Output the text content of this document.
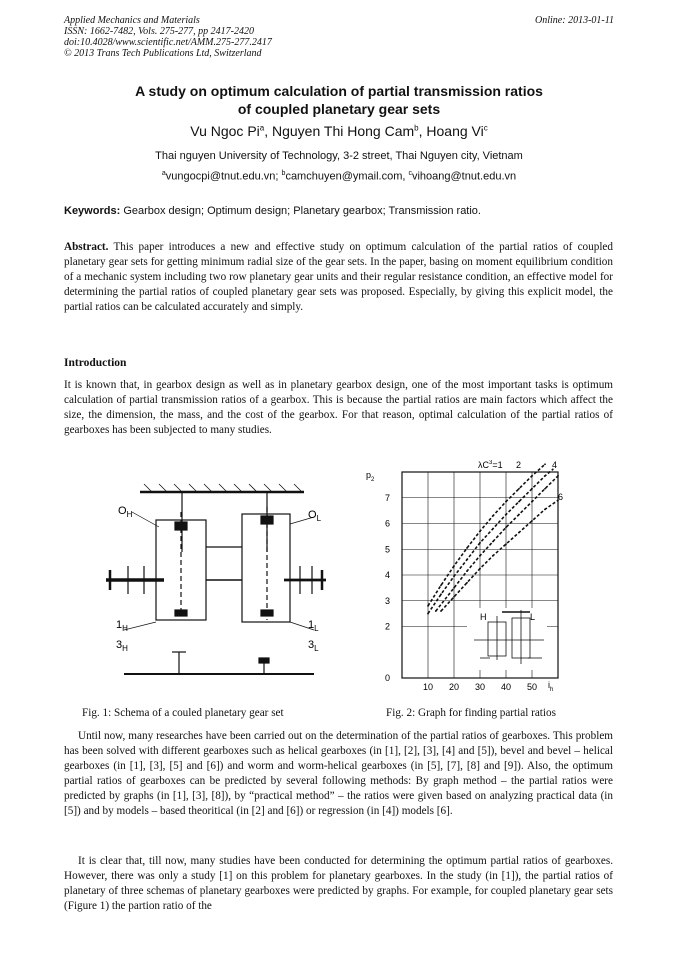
Applied Mechanics and Materials
ISSN: 1662-7482, Vols. 275-277, pp 2417-2420
doi:10.4028/www.scientific.net/AMM.275-277.2417
© 2013 Trans Tech Publications Ltd, Switzerland
Online: 2013-01-11
A study on optimum calculation of partial transmission ratios
of coupled planetary gear sets
Vu Ngoc Pi$^a$, Nguyen Thi Hong Cam$^b$, Hoang Vi$^c$
Thai nguyen University of Technology, 3-2 street, Thai Nguyen city, Vietnam
$^a$vungocpi@tnut.edu.vn; $^b$camchuyen@ymail.com, $^c$vihoang@tnut.edu.vn
Keywords: Gearbox design; Optimum design; Planetary gearbox; Transmission ratio.
Abstract. This paper introduces a new and effective study on optimum calculation of the partial ratios of coupled planetary gear sets for getting minimum radial size of the gear sets. In the paper, basing on moment equilibrium condition of a mechanic system including two row planetary gear units and their regular resistance condition, an effective model for determining the partial ratios of coupled planetary gear sets was proposed. Especially, by giving this explicit model, the partial ratios can be calculated accurately and simply.
Introduction
It is known that, in gearbox design as well as in planetary gearbox design, one of the most important tasks is optimum calculation of partial transmission ratios of a gearbox. This is because the partial ratios are main factors which affect the size, the dimension, the mass, and the cost of the gearbox. For that reason, optimal calculation of the partial ratios of gearboxes has been subjected to many studies.
$O_H$	$O_L$
$1_H$	$1_L$
$3_H$	$3_L$
10 20 30 40 50
0
2
3
4
5
6
7
2	4
6
$p_2$
$i_h$
$\lambda C^3=1$
H	L
Fig. 1: Schema of a couled planetary gear set	Fig. 2: Graph for finding partial ratios
Until now, many researches have been carried out on the determination of the partial ratios of gearboxes. This problem has been solved with different gearboxes such as helical gearboxes (in [1], [2], [3], [4] and [5]), bevel and bevel – helical gearboxes (in [1], [3], [5] and [6]) and worm and worm-helical gearboxes (in [5], [7], [8] and [9]). Also, the optimum partial ratios of gearboxes can be predicted by several following methods: By graph method – the partial ratios were predicted by graphs (in [1], [3], [8]), by “practical method” – the ratios were given based on analyzing practical data (in [5]) and by models – based theoritical (in [2] and [6]) or regression (in [4]) models [6].
It is clear that, till now, many studies have been conducted for determining the optimum partial ratios of gearboxes. However, there was only a study [1] on this problem for planetary gearboxes. In the study (in [1]), the partial ratios of planetary of three schemas of planetary gearboxes were predicted by graphs. For example, for coupled planetary gear sets (Figure 1) the partion ratio of the
